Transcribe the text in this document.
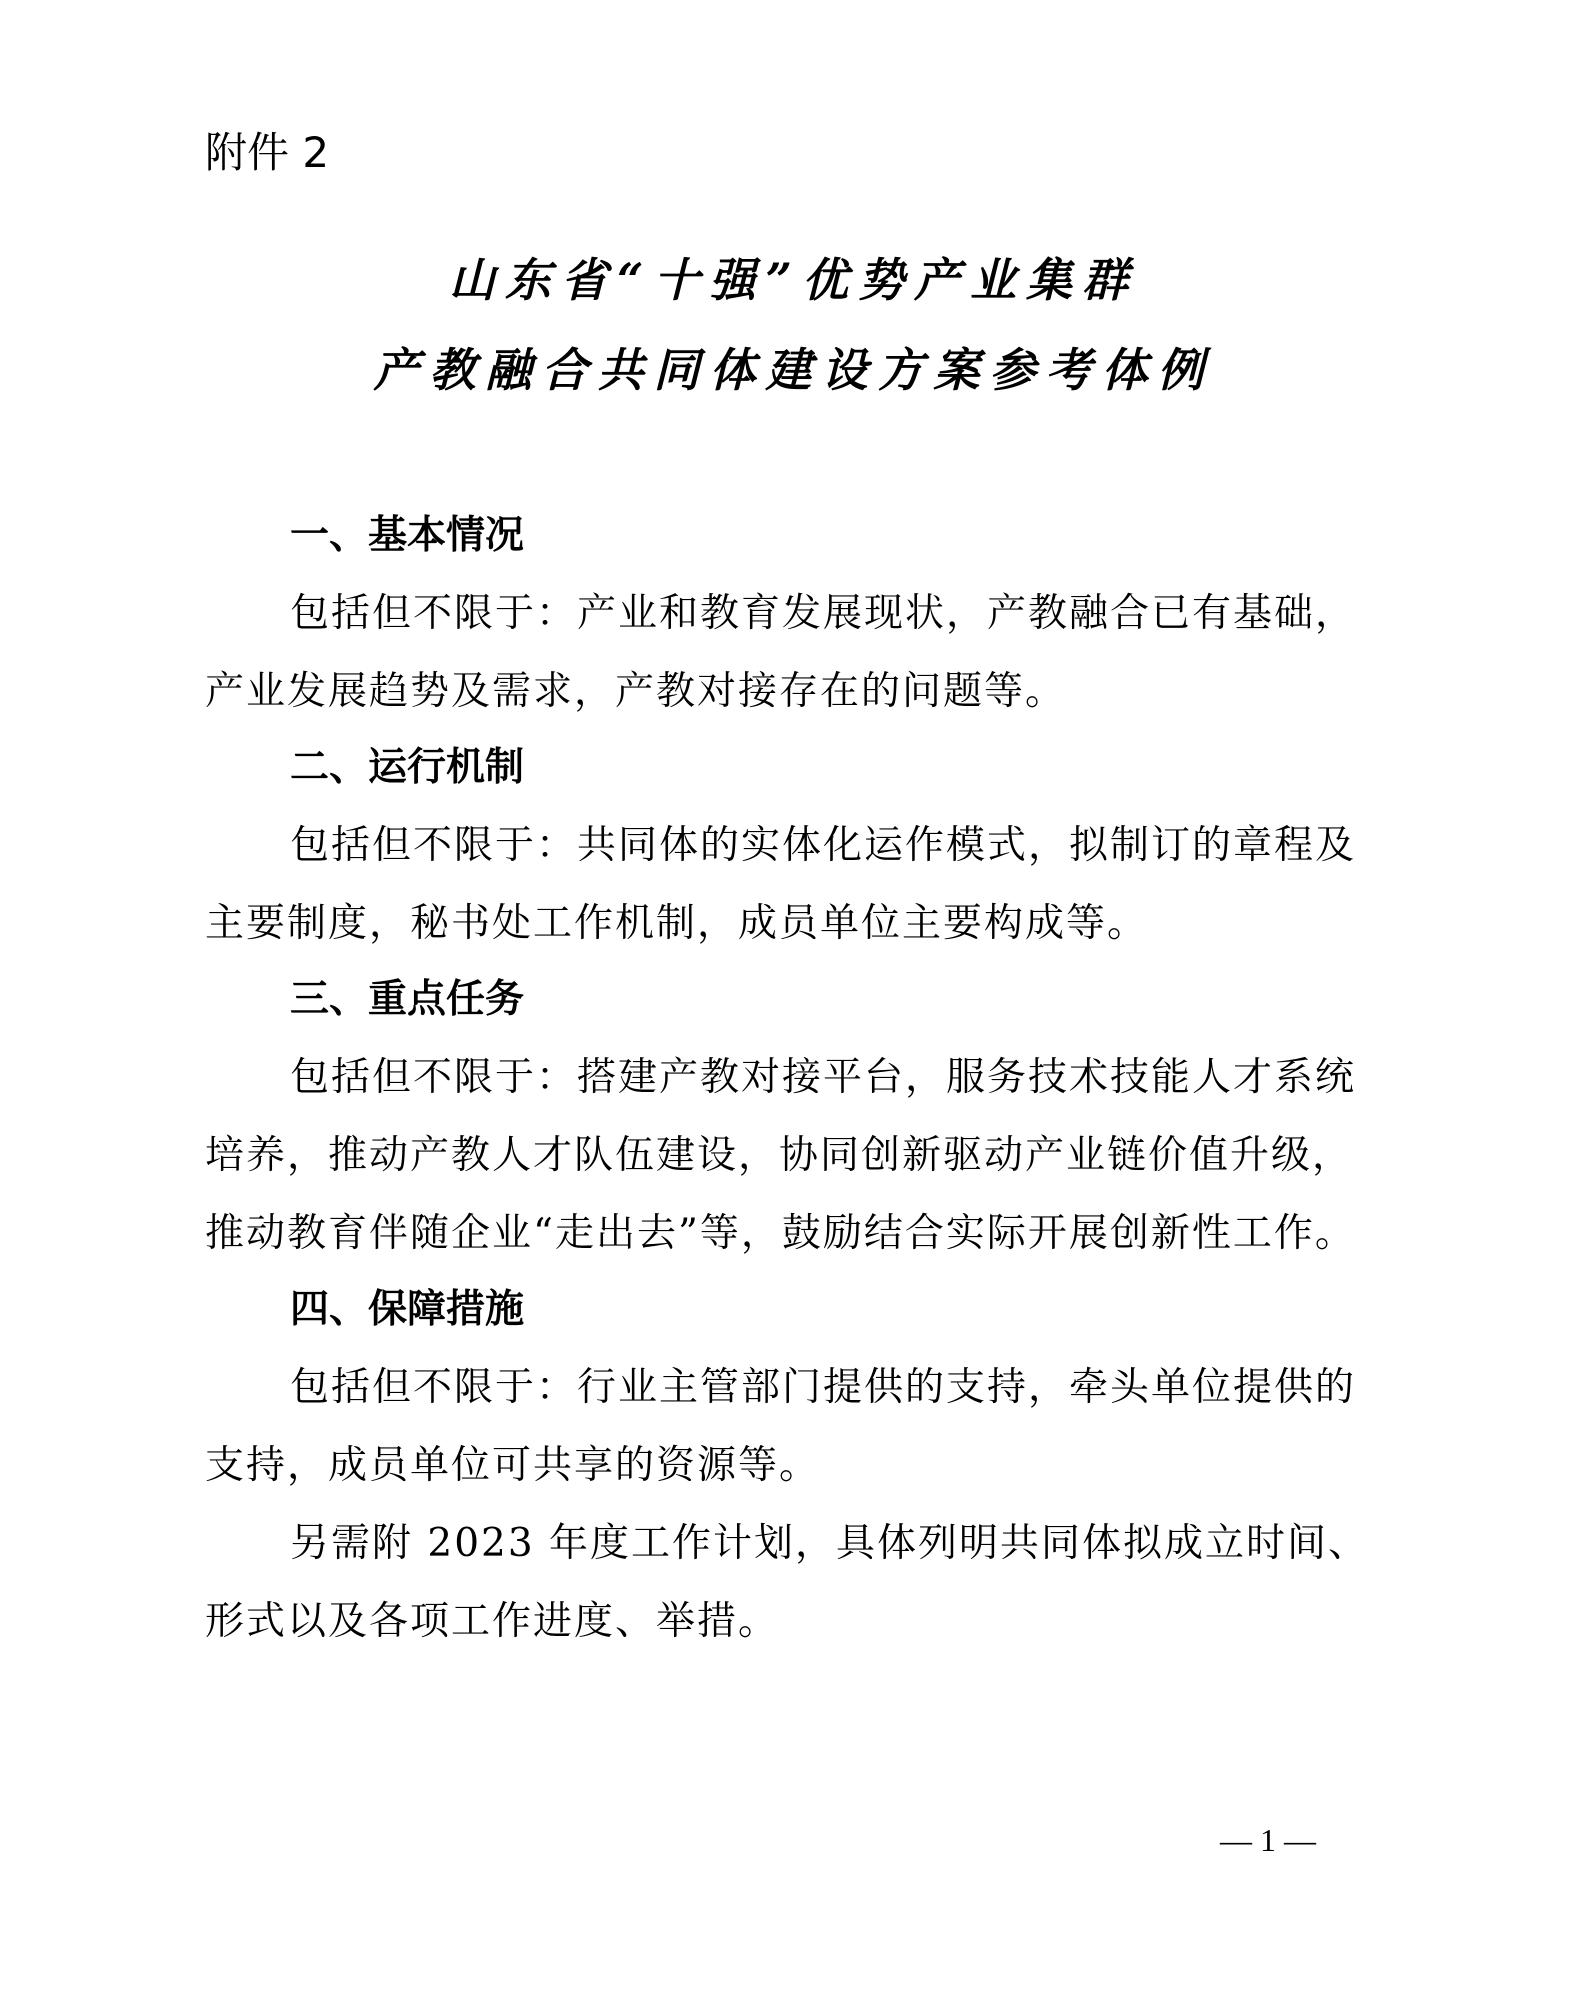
附件 2
山东省“十强”优势产业集群
产教融合共同体建设方案参考体例
一、基本情况
包括但不限于：产业和教育发展现状，产教融合已有基础，
产业发展趋势及需求，产教对接存在的问题等。
二、运行机制
包括但不限于：共同体的实体化运作模式，拟制订的章程及
主要制度，秘书处工作机制，成员单位主要构成等。
三、重点任务
包括但不限于：搭建产教对接平台，服务技术技能人才系统
培养，推动产教人才队伍建设，协同创新驱动产业链价值升级，
推动教育伴随企业“走出去”等，鼓励结合实际开展创新性工作。
四、保障措施
包括但不限于：行业主管部门提供的支持，牵头单位提供的
支持，成员单位可共享的资源等。
另需附 2023 年度工作计划，具体列明共同体拟成立时间、
形式以及各项工作进度、举措。
— 1 —
